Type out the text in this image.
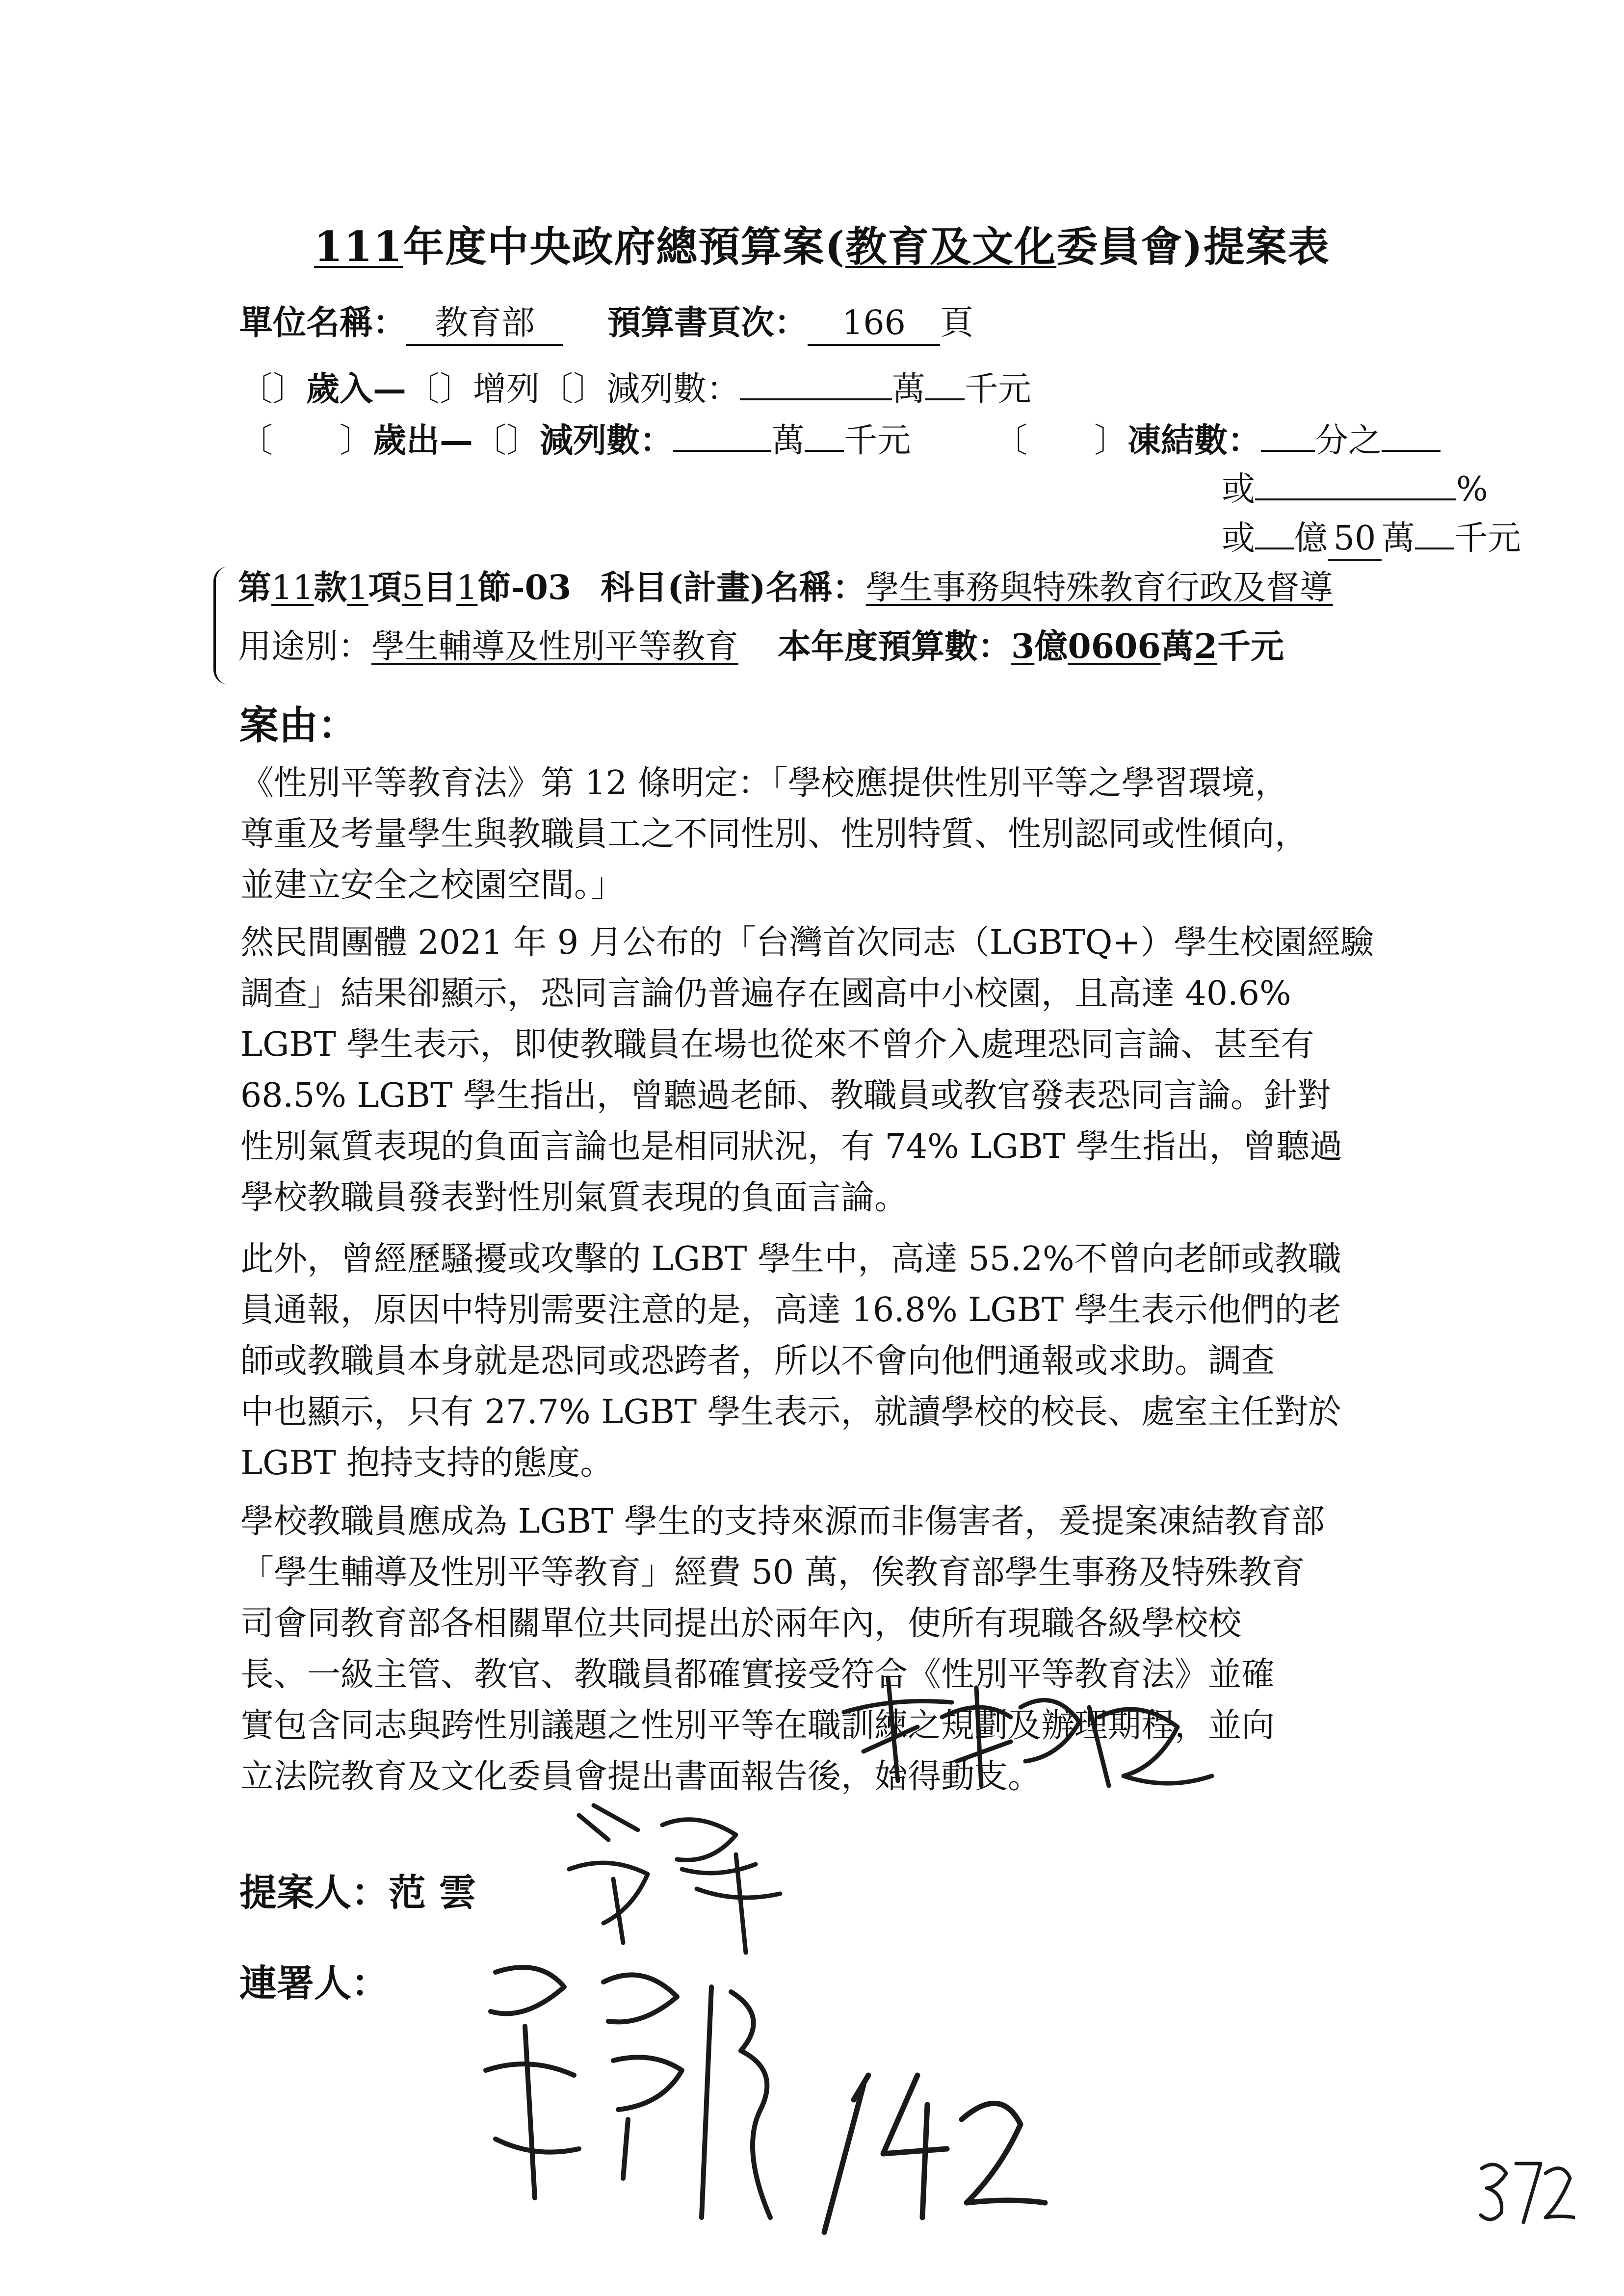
111年度中央政府總預算案(教育及文化委員會)提案表
單位名稱： 教育部 預算書頁次： 166 頁
〔〕歲入—〔〕增列〔〕減列數：	萬 千元
〔　　〕歲出—〔〕減列數：	萬 千元	〔　　〕凍結數： 分之
或	%
或 億 50 萬 千元
第11款1項5目1節-03 科目(計畫)名稱：學生事務與特殊教育行政及督導
用途別：學生輔導及性別平等教育 本年度預算數：3億0606萬2千元
案由：
《性別平等教育法》第 12 條明定：「學校應提供性別平等之學習環境，
尊重及考量學生與教職員工之不同性別、性別特質、性別認同或性傾向，
並建立安全之校園空間。」
然民間團體 2021 年 9 月公布的「台灣首次同志（LGBTQ+）學生校園經驗
調查」結果卻顯示，恐同言論仍普遍存在國高中小校園，且高達 40.6%
LGBT 學生表示，即使教職員在場也從來不曾介入處理恐同言論、甚至有
68.5% LGBT 學生指出，曾聽過老師、教職員或教官發表恐同言論。針對
性別氣質表現的負面言論也是相同狀況，有 74% LGBT 學生指出，曾聽過
學校教職員發表對性別氣質表現的負面言論。
此外，曾經歷騷擾或攻擊的 LGBT 學生中，高達 55.2%不曾向老師或教職
員通報，原因中特別需要注意的是，高達 16.8% LGBT 學生表示他們的老
師或教職員本身就是恐同或恐跨者，所以不會向他們通報或求助。調查
中也顯示，只有 27.7% LGBT 學生表示，就讀學校的校長、處室主任對於
LGBT 抱持支持的態度。
學校教職員應成為 LGBT 學生的支持來源而非傷害者，爰提案凍結教育部
「學生輔導及性別平等教育」經費 50 萬，俟教育部學生事務及特殊教育
司會同教育部各相關單位共同提出於兩年內，使所有現職各級學校校
長、一級主管、教官、教職員都確實接受符合《性別平等教育法》並確
實包含同志與跨性別議題之性別平等在職訓練之規劃及辦理期程，並向
立法院教育及文化委員會提出書面報告後，始得動支。
提案人：范 雲
連署人：
